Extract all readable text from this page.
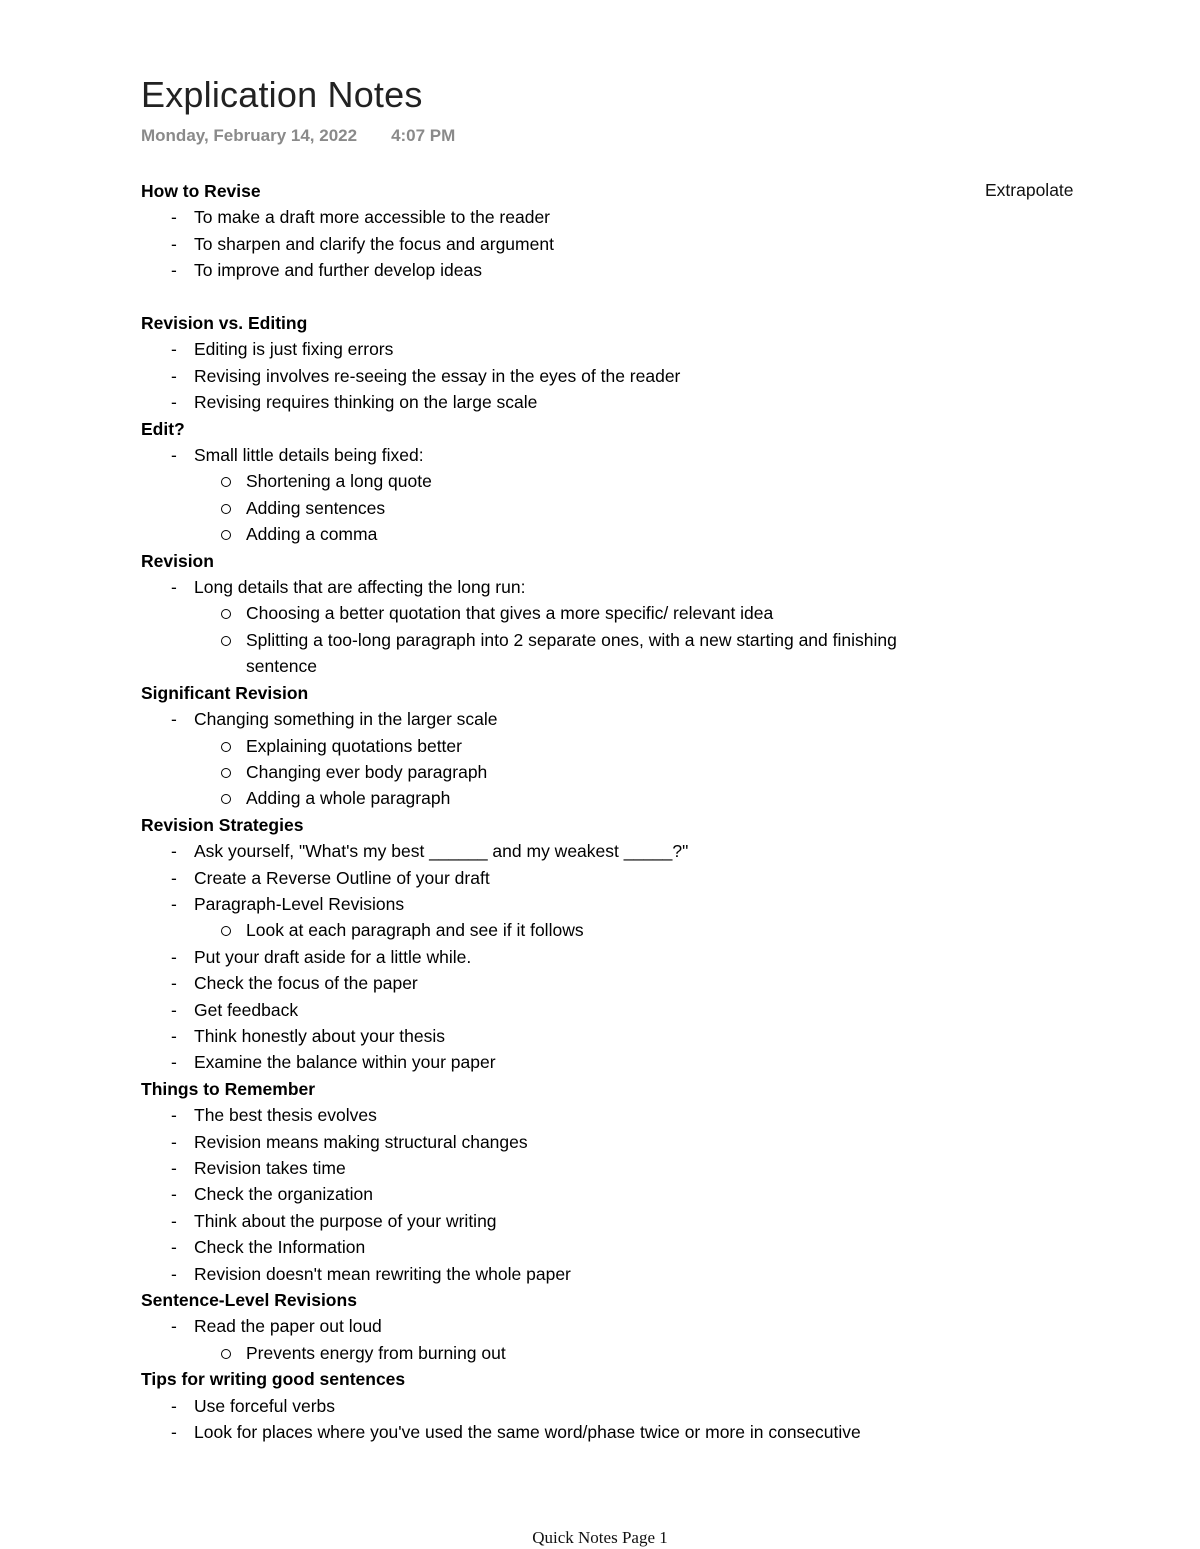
Explication Notes
Monday, February 14, 2022 4:07 PM
Extrapolate
How to Revise
- To make a draft more accessible to the reader
- To sharpen and clarify the focus and argument
- To improve and further develop ideas
Revision vs. Editing
- Editing is just fixing errors
- Revising involves re-seeing the essay in the eyes of the reader
- Revising requires thinking on the large scale
Edit?
- Small little details being fixed:
Shortening a long quote
Adding sentences
Adding a comma
Revision
- Long details that are affecting the long run:
Choosing a better quotation that gives a more specific/ relevant idea
Splitting a too-long paragraph into 2 separate ones, with a new starting and finishing sentence
Significant Revision
- Changing something in the larger scale
Explaining quotations better
Changing ever body paragraph
Adding a whole paragraph
Revision Strategies
- Ask yourself, "What's my best ______ and my weakest _____?"
- Create a Reverse Outline of your draft
- Paragraph-Level Revisions
Look at each paragraph and see if it follows
- Put your draft aside for a little while.
- Check the focus of the paper
- Get feedback
- Think honestly about your thesis
- Examine the balance within your paper
Things to Remember
- The best thesis evolves
- Revision means making structural changes
- Revision takes time
- Check the organization
- Think about the purpose of your writing
- Check the Information
- Revision doesn't mean rewriting the whole paper
Sentence-Level Revisions
- Read the paper out loud
Prevents energy from burning out
Tips for writing good sentences
- Use forceful verbs
- Look for places where you've used the same word/phase twice or more in consecutive
Quick Notes Page 1
